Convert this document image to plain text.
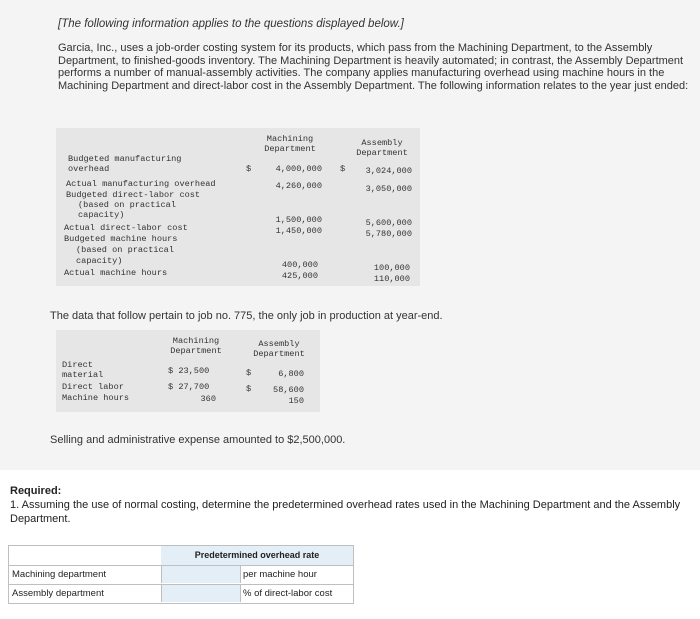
[The following information applies to the questions displayed below.]
Garcia, Inc., uses a job-order costing system for its products, which pass from the Machining Department, to the Assembly Department, to finished-goods inventory. The Machining Department is heavily automated; in contrast, the Assembly Department performs a number of manual-assembly activities. The company applies manufacturing overhead using machine hours in the Machining Department and direct-labor cost in the Assembly Department. The following information relates to the year just ended:
Machining
Department
Assembly
Department
Budgeted manufacturing
overhead	$	4,000,000 $	3,024,000
Actual manufacturing overhead	4,260,000	3,050,000
Budgeted direct-labor cost
(based on practical
capacity)	1,500,000	5,600,000
Actual direct-labor cost	1,450,000	5,780,000
Budgeted machine hours
(based on practical
capacity)	400,000	100,000
Actual machine hours	425,000	110,000
The data that follow pertain to job no. 775, the only job in production at year-end.
Machining
Department
Assembly
Department
Direct
material	$ 23,500	$	6,800
Direct labor	$ 27,700	$	58,600
Machine hours	360	150
Selling and administrative expense amounted to $2,500,000.
Required:
1. Assuming the use of normal costing, determine the predetermined overhead rates used in the Machining Department and the Assembly Department.
Predetermined overhead rate
Machining department	per machine hour
Assembly department	% of direct-labor cost
